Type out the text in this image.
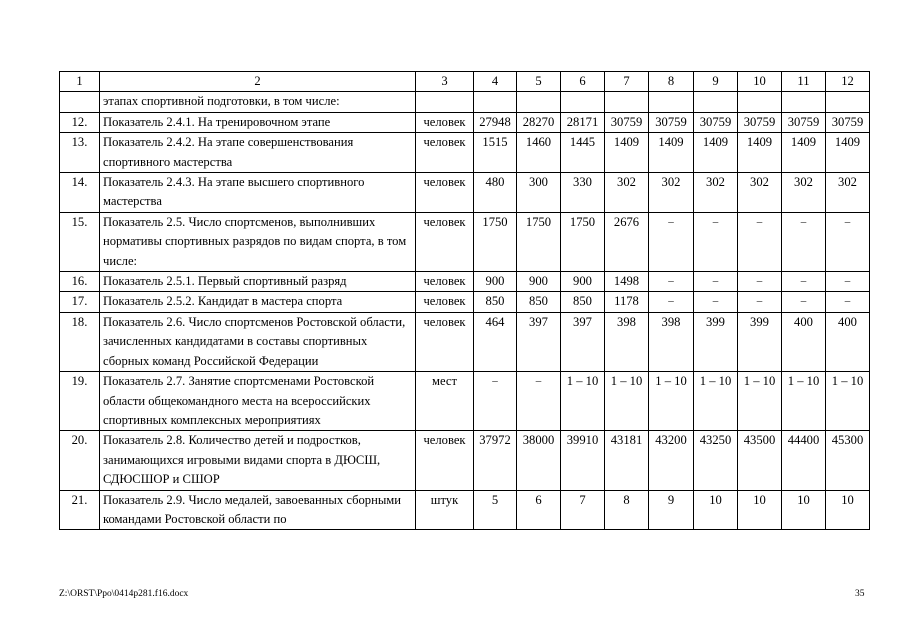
1	2	3	4	5	6	7	8	9	10	11	12
	этапах спортивной подготовки, в том числе:										
12.	Показатель 2.4.1. На тренировочном этапе	человек	27948	28270	28171	30759	30759	30759	30759	30759	30759
13.	Показатель 2.4.2. На этапе совершенствования спортивного мастерства	человек	1515	1460	1445	1409	1409	1409	1409	1409	1409
14.	Показатель 2.4.3. На этапе высшего спортивного мастерства	человек	480	300	330	302	302	302	302	302	302
15.	Показатель 2.5. Число спортсменов, выполнивших нормативы спортивных разрядов по видам спорта, в том числе:	человек	1750	1750	1750	2676	–	–	–	–	–
16.	Показатель 2.5.1. Первый спортивный разряд	человек	900	900	900	1498	–	–	–	–	–
17.	Показатель 2.5.2. Кандидат в мастера спорта	человек	850	850	850	1178	–	–	–	–	–
18.	Показатель 2.6. Число спортсменов Ростовской области, зачисленных кандидатами в составы спортивных сборных команд Российской Федерации	человек	464	397	397	398	398	399	399	400	400
19.	Показатель 2.7. Занятие спортсменами Ростовской области общекомандного места на всероссийских спортивных комплексных мероприятиях	мест	–	–	1 – 10	1 – 10	1 – 10	1 – 10	1 – 10	1 – 10	1 – 10
20.	Показатель 2.8. Количество детей и подростков, занимающихся игровыми видами спорта в ДЮСШ, СДЮСШОР и СШОР	человек	37972	38000	39910	43181	43200	43250	43500	44400	45300
21.	Показатель 2.9. Число медалей, завоеванных сборными командами Ростовской области по	штук	5	6	7	8	9	10	10	10	10
Z:\ORST\Ppo\0414p281.f16.docx	35
